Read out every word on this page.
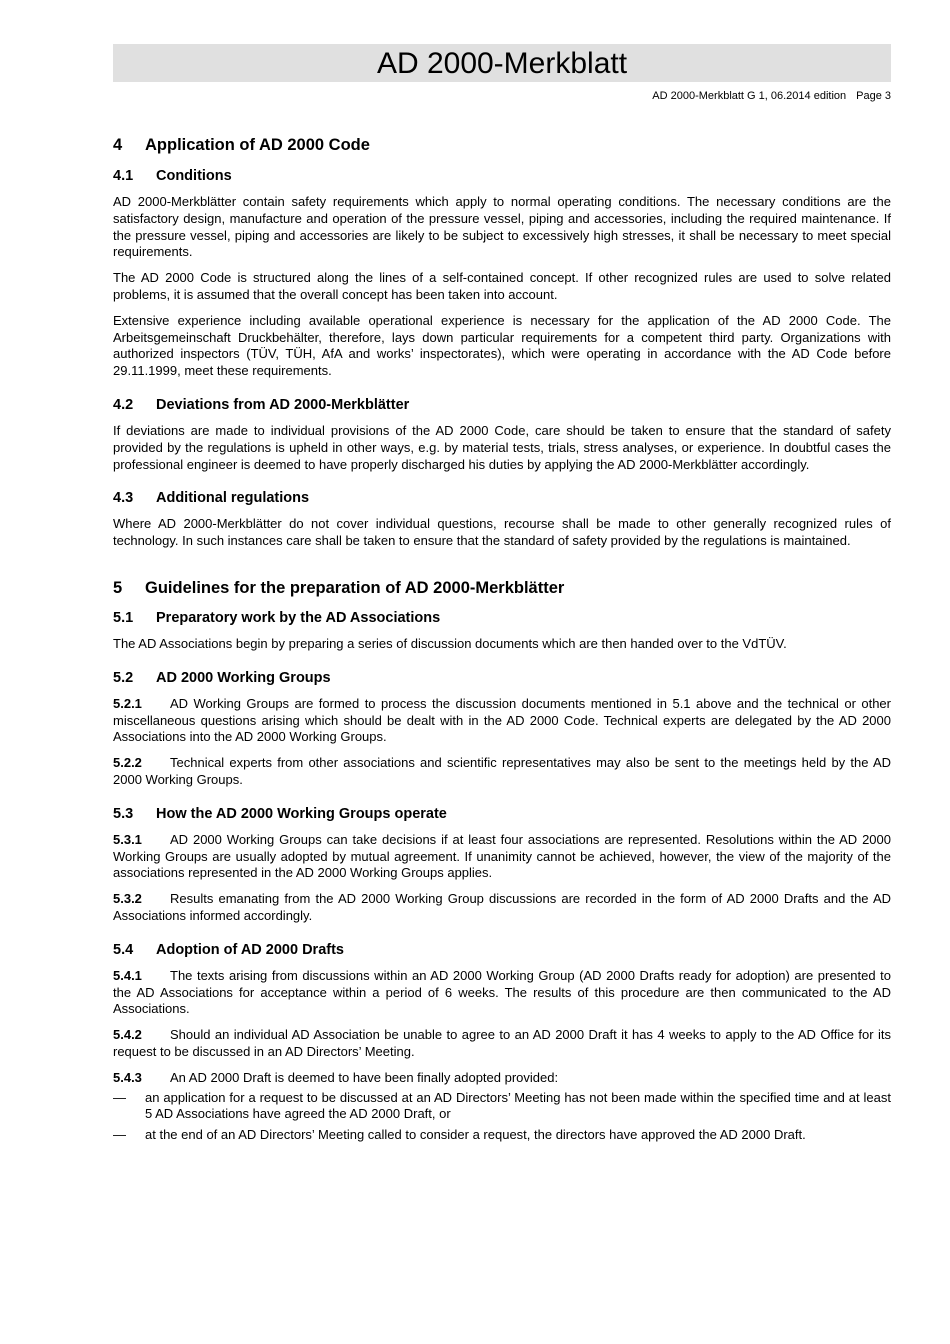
AD 2000-Merkblatt
AD 2000-Merkblatt G 1, 06.2014 edition Page 3
4 Application of AD 2000 Code
4.1 Conditions

AD 2000-Merkblätter contain safety requirements which apply to normal operating conditions. The necessary conditions are the satisfactory design, manufacture and operation of the pressure vessel, piping and accessories, including the required maintenance. If the pressure vessel, piping and accessories are likely to be subject to excessively high stresses, it shall be necessary to meet special requirements.

The AD 2000 Code is structured along the lines of a self-contained concept. If other recognized rules are used to solve related problems, it is assumed that the overall concept has been taken into account.

Extensive experience including available operational experience is necessary for the application of the AD 2000 Code. The Arbeitsgemeinschaft Druckbehälter, therefore, lays down particular requirements for a competent third party. Organizations with authorized inspectors (TÜV, TÜH, AfA and works’ inspectorates), which were operating in accordance with the AD Code before 29.11.1999, meet these requirements.

4.2 Deviations from AD 2000-Merkblätter

If deviations are made to individual provisions of the AD 2000 Code, care should be taken to ensure that the standard of safety provided by the regulations is upheld in other ways, e.g. by material tests, trials, stress analyses, or experience. In doubtful cases the professional engineer is deemed to have properly discharged his duties by applying the AD 2000-Merkblätter accordingly.

4.3 Additional regulations

Where AD 2000-Merkblätter do not cover individual questions, recourse shall be made to other generally recognized rules of technology. In such instances care shall be taken to ensure that the standard of safety provided by the regulations is maintained.

5 Guidelines for the preparation of AD 2000-Merkblätter
5.1 Preparatory work by the AD Associations

The AD Associations begin by preparing a series of discussion documents which are then handed over to the VdTÜV.

5.2 AD 2000 Working Groups

5.2.1 AD Working Groups are formed to process the discussion documents mentioned in 5.1 above and the technical or other miscellaneous questions arising which should be dealt with in the AD 2000 Code. Technical experts are delegated by the AD 2000 Associations into the AD 2000 Working Groups.

5.2.2 Technical experts from other associations and scientific representatives may also be sent to the meetings held by the AD 2000 Working Groups.

5.3 How the AD 2000 Working Groups operate

5.3.1 AD 2000 Working Groups can take decisions if at least four associations are represented. Resolutions within the AD 2000 Working Groups are usually adopted by mutual agreement. If unanimity cannot be achieved, however, the view of the majority of the associations represented in the AD 2000 Working Groups applies.

5.3.2 Results emanating from the AD 2000 Working Group discussions are recorded in the form of AD 2000 Drafts and the AD Associations informed accordingly.

5.4 Adoption of AD 2000 Drafts

5.4.1 The texts arising from discussions within an AD 2000 Working Group (AD 2000 Drafts ready for adoption) are presented to the AD Associations for acceptance within a period of 6 weeks. The results of this procedure are then communicated to the AD Associations.

5.4.2 Should an individual AD Association be unable to agree to an AD 2000 Draft it has 4 weeks to apply to the AD Office for its request to be discussed in an AD Directors’ Meeting.

5.4.3 An AD 2000 Draft is deemed to have been finally adopted provided:

—	an application for a request to be discussed at an AD Directors’ Meeting has not been made within the specified time and at least 5 AD Associations have agreed the AD 2000 Draft, or
—	at the end of an AD Directors’ Meeting called to consider a request, the directors have approved the AD 2000 Draft.
